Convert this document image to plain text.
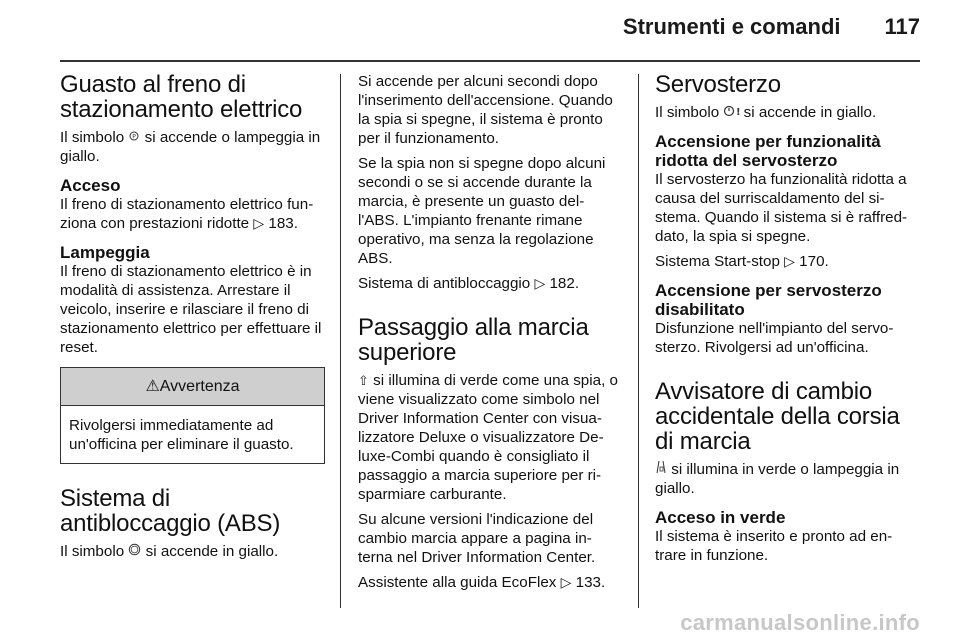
Strumenti e comandi 117
Guasto al freno di stazionamento elettrico

Il simbolo P si accende o lampeggia in giallo.

Acceso

Il freno di stazionamento elettrico fun- ziona con prestazioni ridotte ▷ 183.

Lampeggia

Il freno di stazionamento elettrico è in modalità di assistenza. Arrestare il veicolo, inserire e rilasciare il freno di stazionamento elettrico per effettuare il reset.

⚠Avvertenza
Rivolgersi immediatamente ad un'officina per eliminare il guasto.
Sistema di antibloccaggio (ABS)

Il simbolo si accende in giallo.

Si accende per alcuni secondi dopo l'inserimento dell'accensione. Quando la spia si spegne, il sistema è pronto per il funzionamento.

Se la spia non si spegne dopo alcuni secondi o se si accende durante la marcia, è presente un guasto del- l'ABS. L'impianto frenante rimane operativo, ma senza la regolazione ABS.

Sistema di antibloccaggio ▷ 182.

Passaggio alla marcia superiore

⇧ si illumina di verde come una spia, o viene visualizzato come simbolo nel Driver Information Center con visua- lizzatore Deluxe o visualizzatore De- luxe-Combi quando è consigliato il passaggio a marcia superiore per ri- sparmiare carburante.

Su alcune versioni l'indicazione del cambio marcia appare a pagina in- terna nel Driver Information Center.

Assistente alla guida EcoFlex ▷ 133.

Servosterzo

Il simbolo ! si accende in giallo.

Accensione per funzionalità ridotta del servosterzo

Il servosterzo ha funzionalità ridotta a causa del surriscaldamento del si- stema. Quando il sistema si è raffred- dato, la spia si spegne.

Sistema Start-stop ▷ 170.

Accensione per servosterzo disabilitato

Disfunzione nell'impianto del servo- sterzo. Rivolgersi ad un'officina.

Avvisatore di cambio accidentale della corsia di marcia

si illumina in verde o lampeggia in giallo.

Acceso in verde

Il sistema è inserito e pronto ad en- trare in funzione.

carmanualsonline.info
